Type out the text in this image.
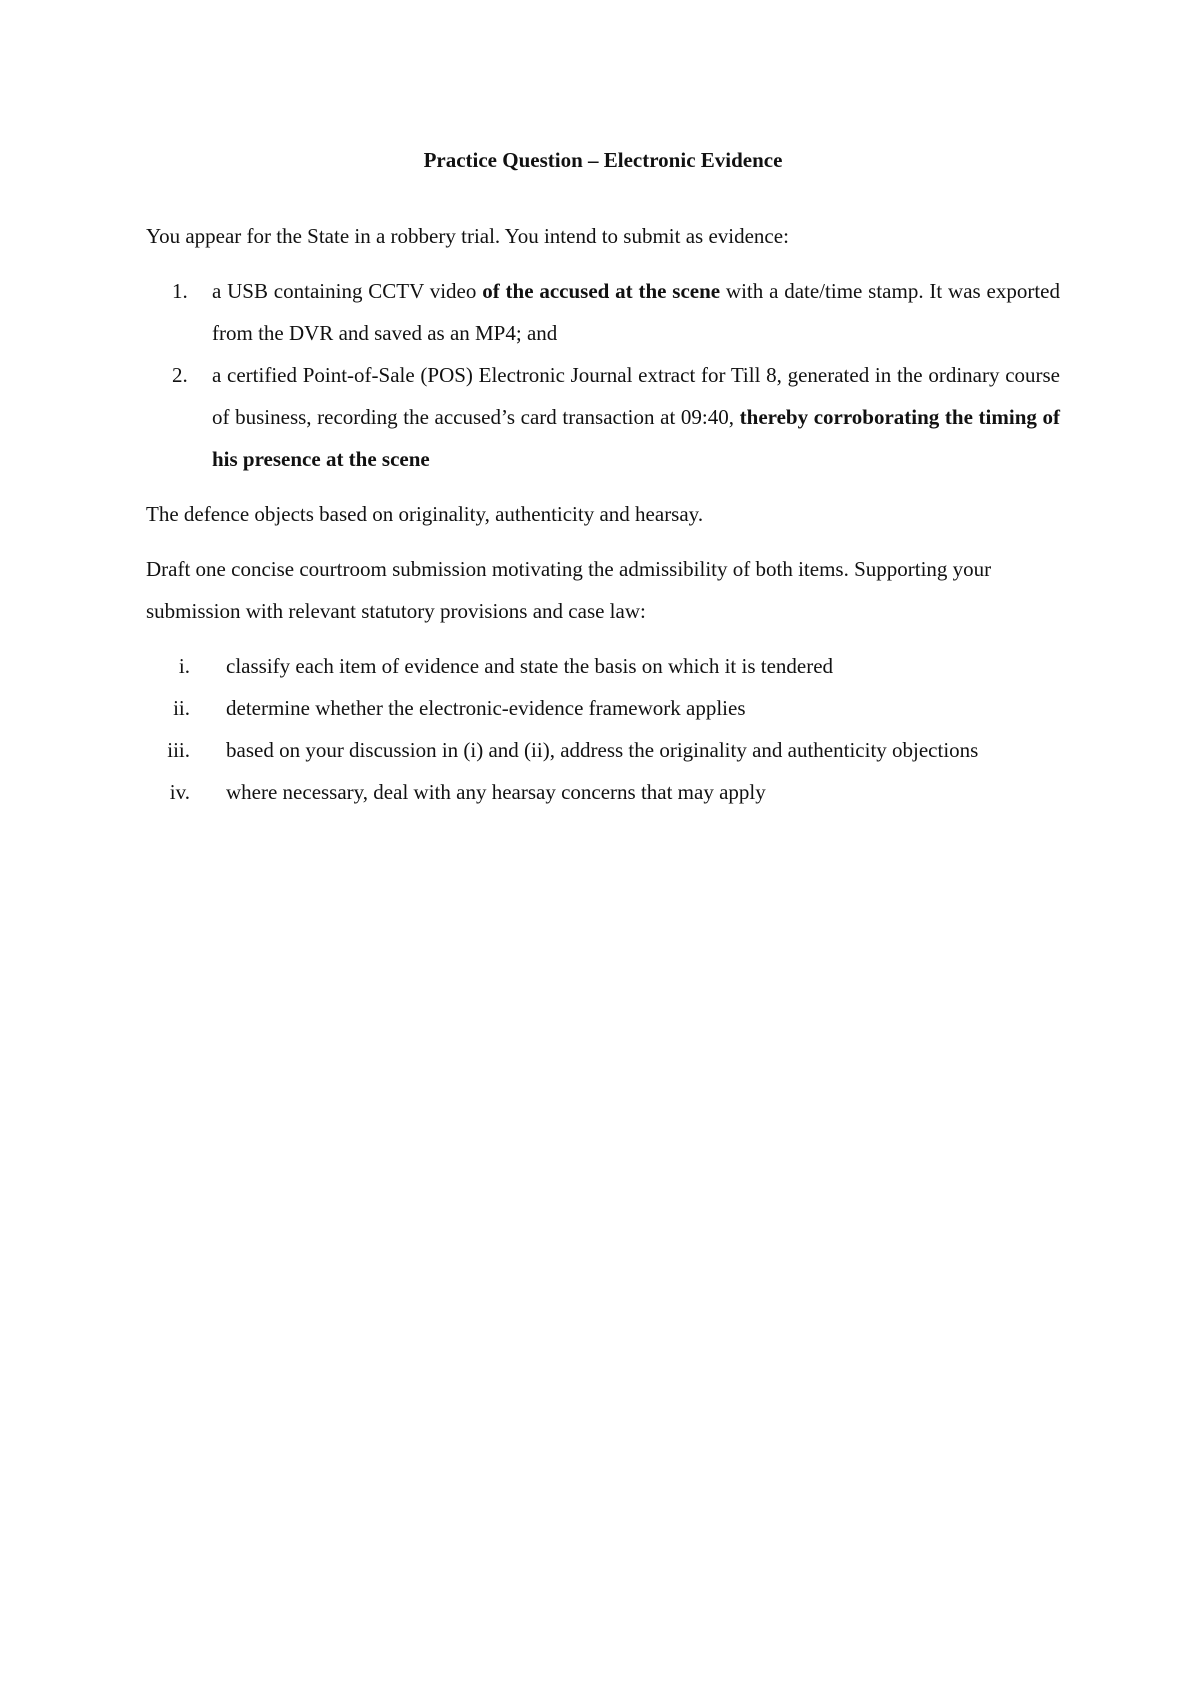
Practice Question – Electronic Evidence

You appear for the State in a robbery trial. You intend to submit as evidence:

1. a USB containing CCTV video of the accused at the scene with a date/time stamp. It was exported from the DVR and saved as an MP4; and
2. a certified Point-of-Sale (POS) Electronic Journal extract for Till 8, generated in the ordinary course of business, recording the accused’s card transaction at 09:40, thereby corroborating the timing of his presence at the scene

The defence objects based on originality, authenticity and hearsay.

Draft one concise courtroom submission motivating the admissibility of both items. Supporting your submission with relevant statutory provisions and case law:

i. classify each item of evidence and state the basis on which it is tendered
ii. determine whether the electronic-evidence framework applies
iii. based on your discussion in (i) and (ii), address the originality and authenticity objections
iv. where necessary, deal with any hearsay concerns that may apply
